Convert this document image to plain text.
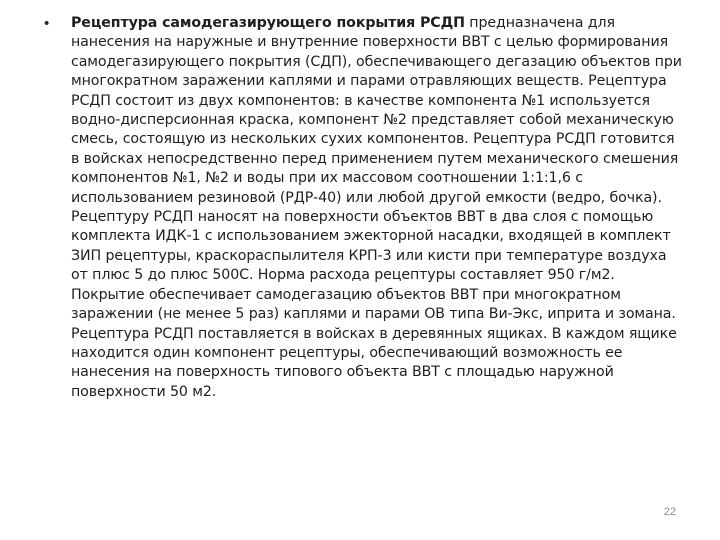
•	Рецептура самодегазирующего покрытия РСДП предназначена для нанесения на наружные и внутренние поверхности ВВТ с целью формирования самодегазирующего покрытия (СДП), обеспечивающего дегазацию объектов при многократном заражении каплями и парами отравляющих веществ. Рецептура РСДП состоит из двух компонентов: в качестве компонента №1 используется водно-дисперсионная краска, компонент №2 представляет собой механическую смесь, состоящую из нескольких сухих компонентов. Рецептура РСДП готовится в войсках непосредственно перед применением путем механического смешения компонентов №1, №2 и воды при их массовом соотношении 1:1:1,6 с использованием резиновой (РДР-40) или любой другой емкости (ведро, бочка). Рецептуру РСДП наносят на поверхности объектов ВВТ в два слоя с помощью комплекта ИДК-1 с использованием эжекторной насадки, входящей в комплект ЗИП рецептуры, краскораспылителя КРП-3 или кисти при температуре воздуха от плюс 5 до плюс 500С. Норма расхода рецептуры составляет 950 г/м2. Покрытие обеспечивает самодегазацию объектов ВВТ при многократном заражении (не менее 5 раз) каплями и парами ОВ типа Ви-Экс, иприта и зомана. Рецептура РСДП поставляется в войсках в деревянных ящиках. В каждом ящике находится один компонент рецептуры, обеспечивающий возможность ее нанесения на поверхность типового объекта ВВТ с площадью наружной поверхности 50 м2.

22
